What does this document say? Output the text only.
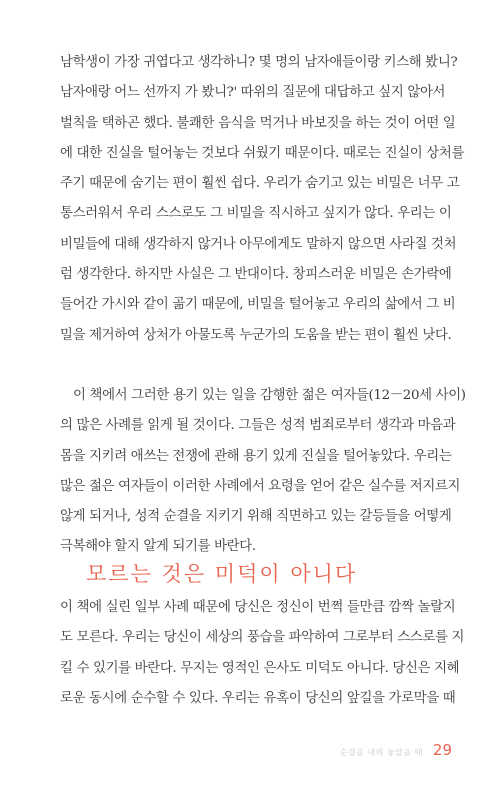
남학생이 가장 귀엽다고 생각하니? 몇 명의 남자애들이랑 키스해 봤니?
남자애랑 어느 선까지 가 봤니?' 따위의 질문에 대답하고 싶지 않아서
벌칙을 택하곤 했다. 불쾌한 음식을 먹거나 바보짓을 하는 것이 어떤 일
에 대한 진실을 털어놓는 것보다 쉬웠기 때문이다. 때로는 진실이 상처를
주기 때문에 숨기는 편이 훨씬 쉽다. 우리가 숨기고 있는 비밀은 너무 고
통스러워서 우리 스스로도 그 비밀을 직시하고 싶지가 않다. 우리는 이
비밀들에 대해 생각하지 않거나 아무에게도 말하지 않으면 사라질 것처
럼 생각한다. 하지만 사실은 그 반대이다. 창피스러운 비밀은 손가락에
들어간 가시와 같이 곪기 때문에, 비밀을 털어놓고 우리의 삶에서 그 비
밀을 제거하여 상처가 아물도록 누군가의 도움을 받는 편이 훨씬 낫다.
이 책에서 그러한 용기 있는 일을 감행한 젊은 여자들(12－20세 사이)
의 많은 사례를 읽게 될 것이다. 그들은 성적 범죄로부터 생각과 마음과
몸을 지키려 애쓰는 전쟁에 관해 용기 있게 진실을 털어놓았다. 우리는
많은 젊은 여자들이 이러한 사례에서 요령을 얻어 같은 실수를 저지르지
않게 되거나, 성적 순결을 지키기 위해 직면하고 있는 갈등들을 어떻게
극복해야 할지 알게 되기를 바란다.
모르는 것은 미덕이 아니다
이 책에 실린 일부 사례 때문에 당신은 정신이 번쩍 들만큼 깜짝 놀랄지
도 모른다. 우리는 당신이 세상의 풍습을 파악하여 그로부터 스스로를 지
킬 수 있기를 바란다. 무지는 영적인 은사도 미덕도 아니다. 당신은 지혜
로운 동시에 순수할 수 있다. 우리는 유혹이 당신의 앞길을 가로막을 때
순결을 내려 놓았을 때 29
